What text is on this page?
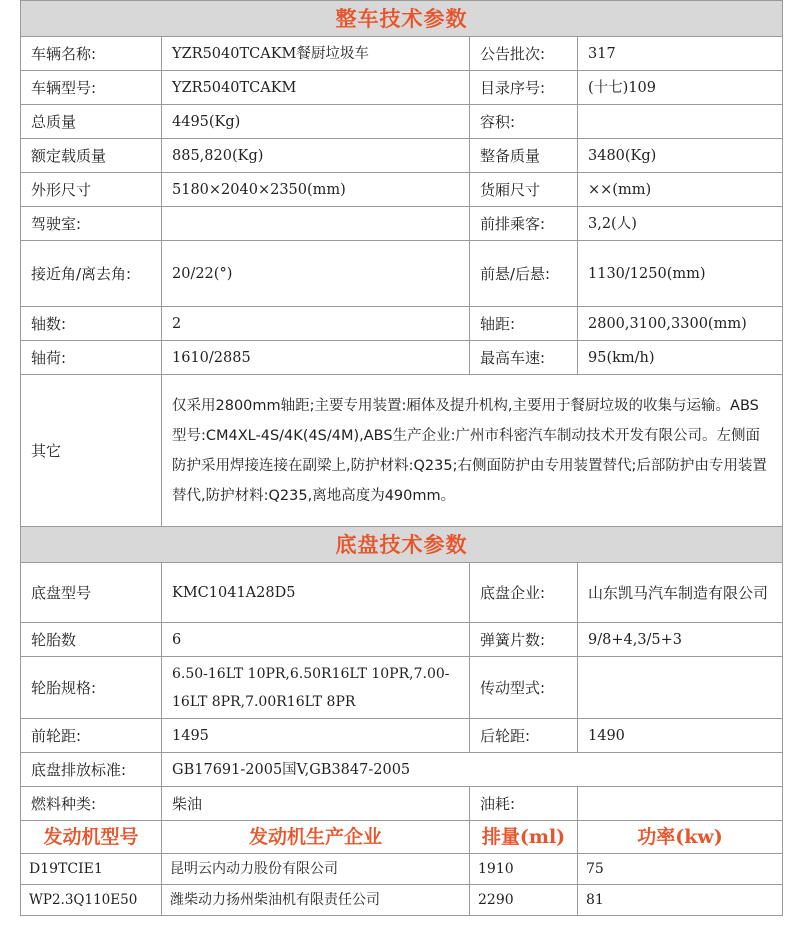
整车技术参数			
车辆名称:	YZR5040TCAKM餐厨垃圾车	公告批次:	317
车辆型号:	YZR5040TCAKM	目录序号:	(十七)109
总质量	4495(Kg)	容积:	
额定载质量	885,820(Kg)	整备质量	3480(Kg)
外形尺寸	5180×2040×2350(mm)	货厢尺寸	××(mm)
驾驶室:		前排乘客:	3,2(人)
接近角/离去角:	20/22(°)	前悬/后悬:	1130/1250(mm)
轴数:	2	轴距:	2800,3100,3300(mm)
轴荷:	1610/2885	最高车速:	95(km/h)
其它	仅采用2800mm轴距;主要专用装置:厢体及提升机构,主要用于餐厨垃圾的收集与运输。ABS型号:CM4XL-4S/4K(4S/4M),ABS生产企业:广州市科密汽车制动技术开发有限公司。左侧面防护采用焊接连接在副梁上,防护材料:Q235;右侧面防护由专用装置替代;后部防护由专用装置替代,防护材料:Q235,离地高度为490mm。		
底盘技术参数			
底盘型号	KMC1041A28D5	底盘企业:	山东凯马汽车制造有限公司
轮胎数	6	弹簧片数:	9/8+4,3/5+3
轮胎规格:	6.50-16LT 10PR,6.50R16LT 10PR,7.00-16LT 8PR,7.00R16LT 8PR	传动型式:	
前轮距:	1495	后轮距:	1490
底盘排放标准:	GB17691-2005国V,GB3847-2005		
燃料种类:	柴油	油耗:	
发动机型号	发动机生产企业	排量(ml)	功率(kw)
D19TCIE1	昆明云内动力股份有限公司	1910	75
WP2.3Q110E50	潍柴动力扬州柴油机有限责任公司	2290	81
